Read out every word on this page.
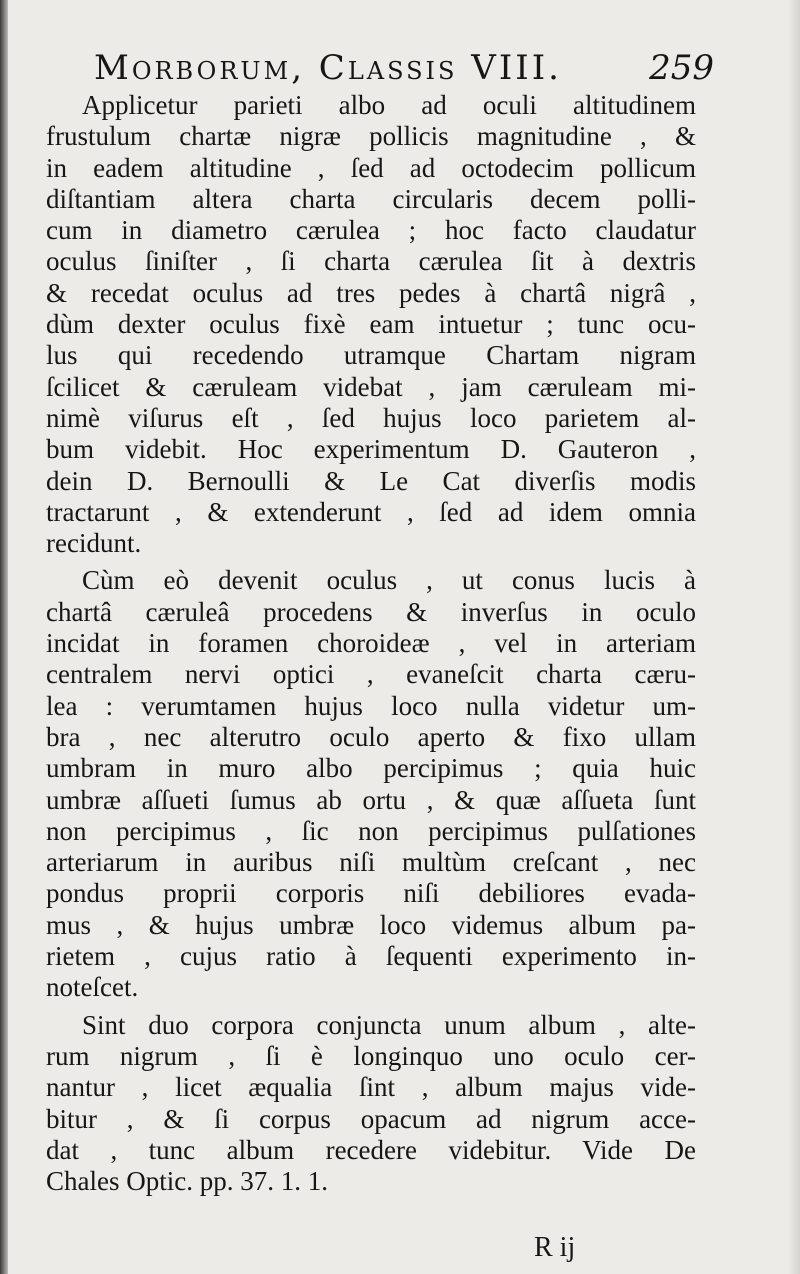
Morborum, Classis VIII.	259
Applicetur parieti albo ad oculi altitudinem
frustulum chartæ nigræ pollicis magnitudine , &
in eadem altitudine , ſed ad octodecim pollicum
diſtantiam altera charta circularis decem polli-
cum in diametro cærulea ; hoc facto claudatur
oculus ſiniſter , ſi charta cærulea ſit à dextris
& recedat oculus ad tres pedes à chartâ nigrâ ,
dùm dexter oculus fixè eam intuetur ; tunc ocu-
lus qui recedendo utramque Chartam nigram
ſcilicet & cæruleam videbat , jam cæruleam mi-
nimè viſurus eſt , ſed hujus loco parietem al-
bum videbit. Hoc experimentum D. Gauteron ,
dein D. Bernoulli & Le Cat diverſis modis
tractarunt , & extenderunt , ſed ad idem omnia
recidunt.
Cùm eò devenit oculus , ut conus lucis à
chartâ cæruleâ procedens & inverſus in oculo
incidat in foramen choroideæ , vel in arteriam
centralem nervi optici , evaneſcit charta cæru-
lea : verumtamen hujus loco nulla videtur um-
bra , nec alterutro oculo aperto & fixo ullam
umbram in muro albo percipimus ; quia huic
umbræ aſſueti ſumus ab ortu , & quæ aſſueta ſunt
non percipimus , ſic non percipimus pulſationes
arteriarum in auribus niſi multùm creſcant , nec
pondus proprii corporis niſi debiliores evada-
mus , & hujus umbræ loco videmus album pa-
rietem , cujus ratio à ſequenti experimento in-
noteſcet.
Sint duo corpora conjuncta unum album , alte-
rum nigrum , ſi è longinquo uno oculo cer-
nantur , licet æqualia ſint , album majus vide-
bitur , & ſi corpus opacum ad nigrum acce-
dat , tunc album recedere videbitur. Vide De
Chales Optic. pp. 37. 1. 1.
R ij
